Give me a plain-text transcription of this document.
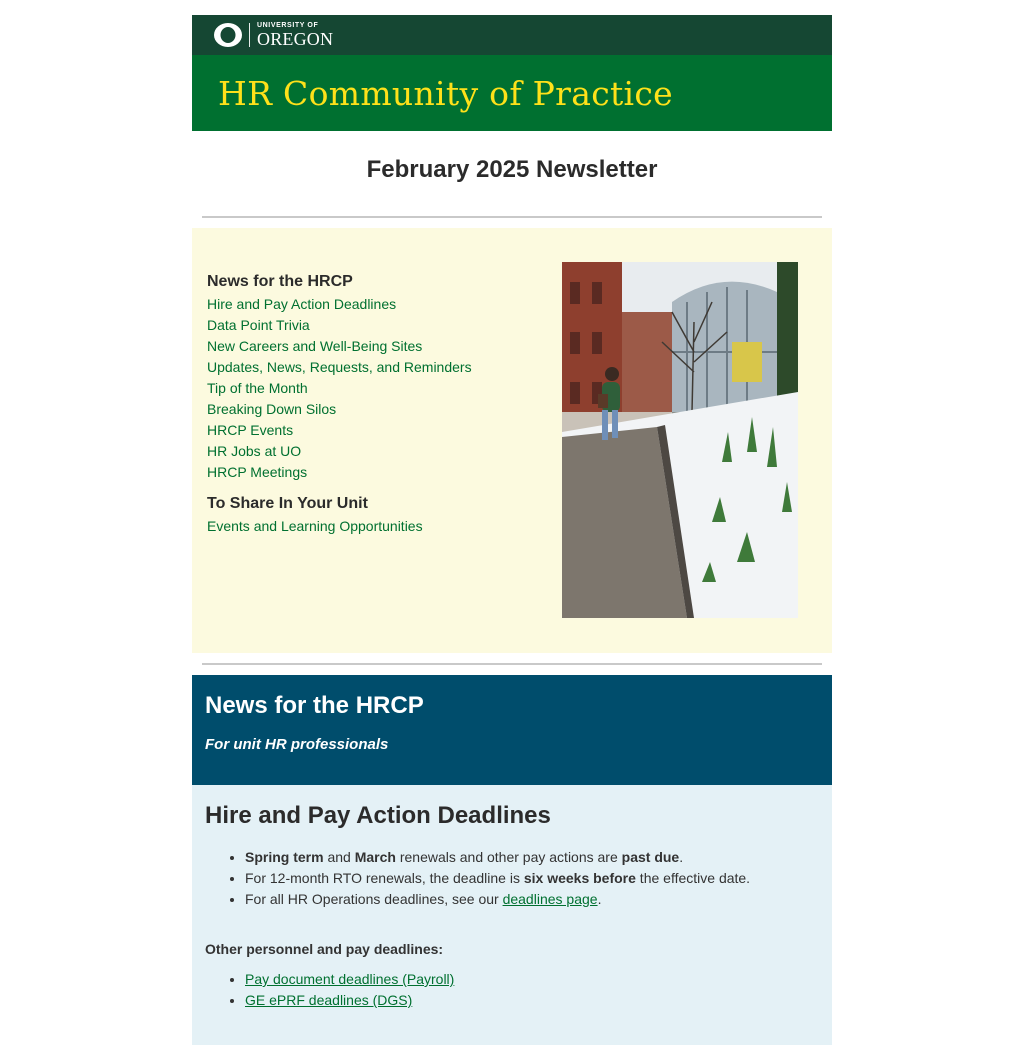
UNIVERSITY OF
OREGON
HR Community of Practice
February 2025 Newsletter
News for the HRCP
Hire and Pay Action Deadlines
Data Point Trivia
New Careers and Well-Being Sites
Updates, News, Requests, and Reminders
Tip of the Month
Breaking Down Silos
HRCP Events
HR Jobs at UO
HRCP Meetings
To Share In Your Unit
Events and Learning Opportunities
News for the HRCP
For unit HR professionals
Hire and Pay Action Deadlines
• Spring term and March renewals and other pay actions are past due.
• For 12-month RTO renewals, the deadline is six weeks before the effective date.
• For all HR Operations deadlines, see our deadlines page.
Other personnel and pay deadlines:
• Pay document deadlines (Payroll)
• GE ePRF deadlines (DGS)
